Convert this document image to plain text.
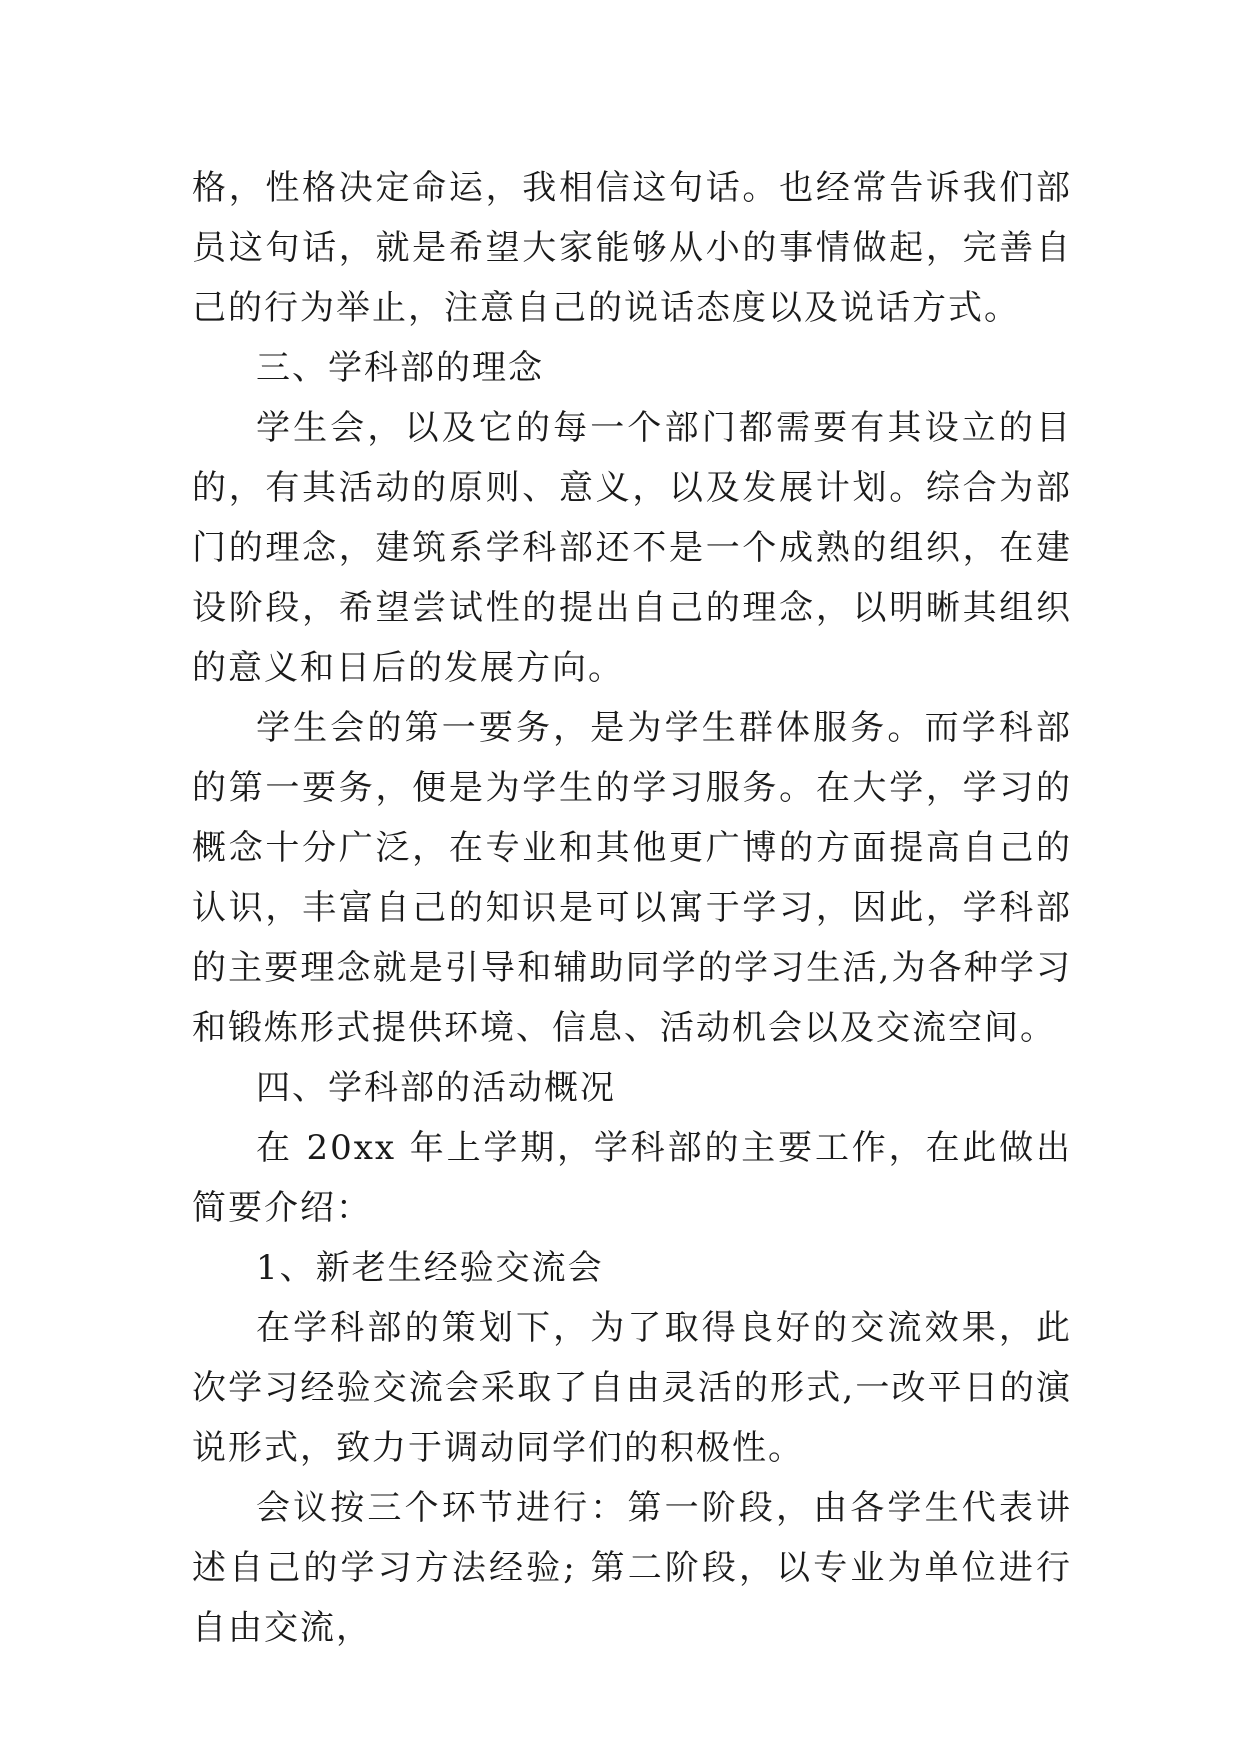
格，性格决定命运，我相信这句话。也经常告诉我们部员这句话，就是希望大家能够从小的事情做起，完善自己的行为举止，注意自己的说话态度以及说话方式。

三、学科部的理念

学生会，以及它的每一个部门都需要有其设立的目的，有其活动的原则、意义，以及发展计划。综合为部门的理念，建筑系学科部还不是一个成熟的组织，在建设阶段，希望尝试性的提出自己的理念，以明晰其组织的意义和日后的发展方向。

学生会的第一要务，是为学生群体服务。而学科部的第一要务，便是为学生的学习服务。在大学，学习的概念十分广泛，在专业和其他更广博的方面提高自己的认识，丰富自己的知识是可以寓于学习，因此，学科部的主要理念就是引导和辅助同学的学习生活,为各种学习和锻炼形式提供环境、信息、活动机会以及交流空间。

四、学科部的活动概况

在 20xx 年上学期，学科部的主要工作，在此做出简要介绍：

1、新老生经验交流会

在学科部的策划下，为了取得良好的交流效果，此次学习经验交流会采取了自由灵活的形式,一改平日的演说形式，致力于调动同学们的积极性。

会议按三个环节进行：第一阶段，由各学生代表讲述自己的学习方法经验; 第二阶段，以专业为单位进行自由交流，
